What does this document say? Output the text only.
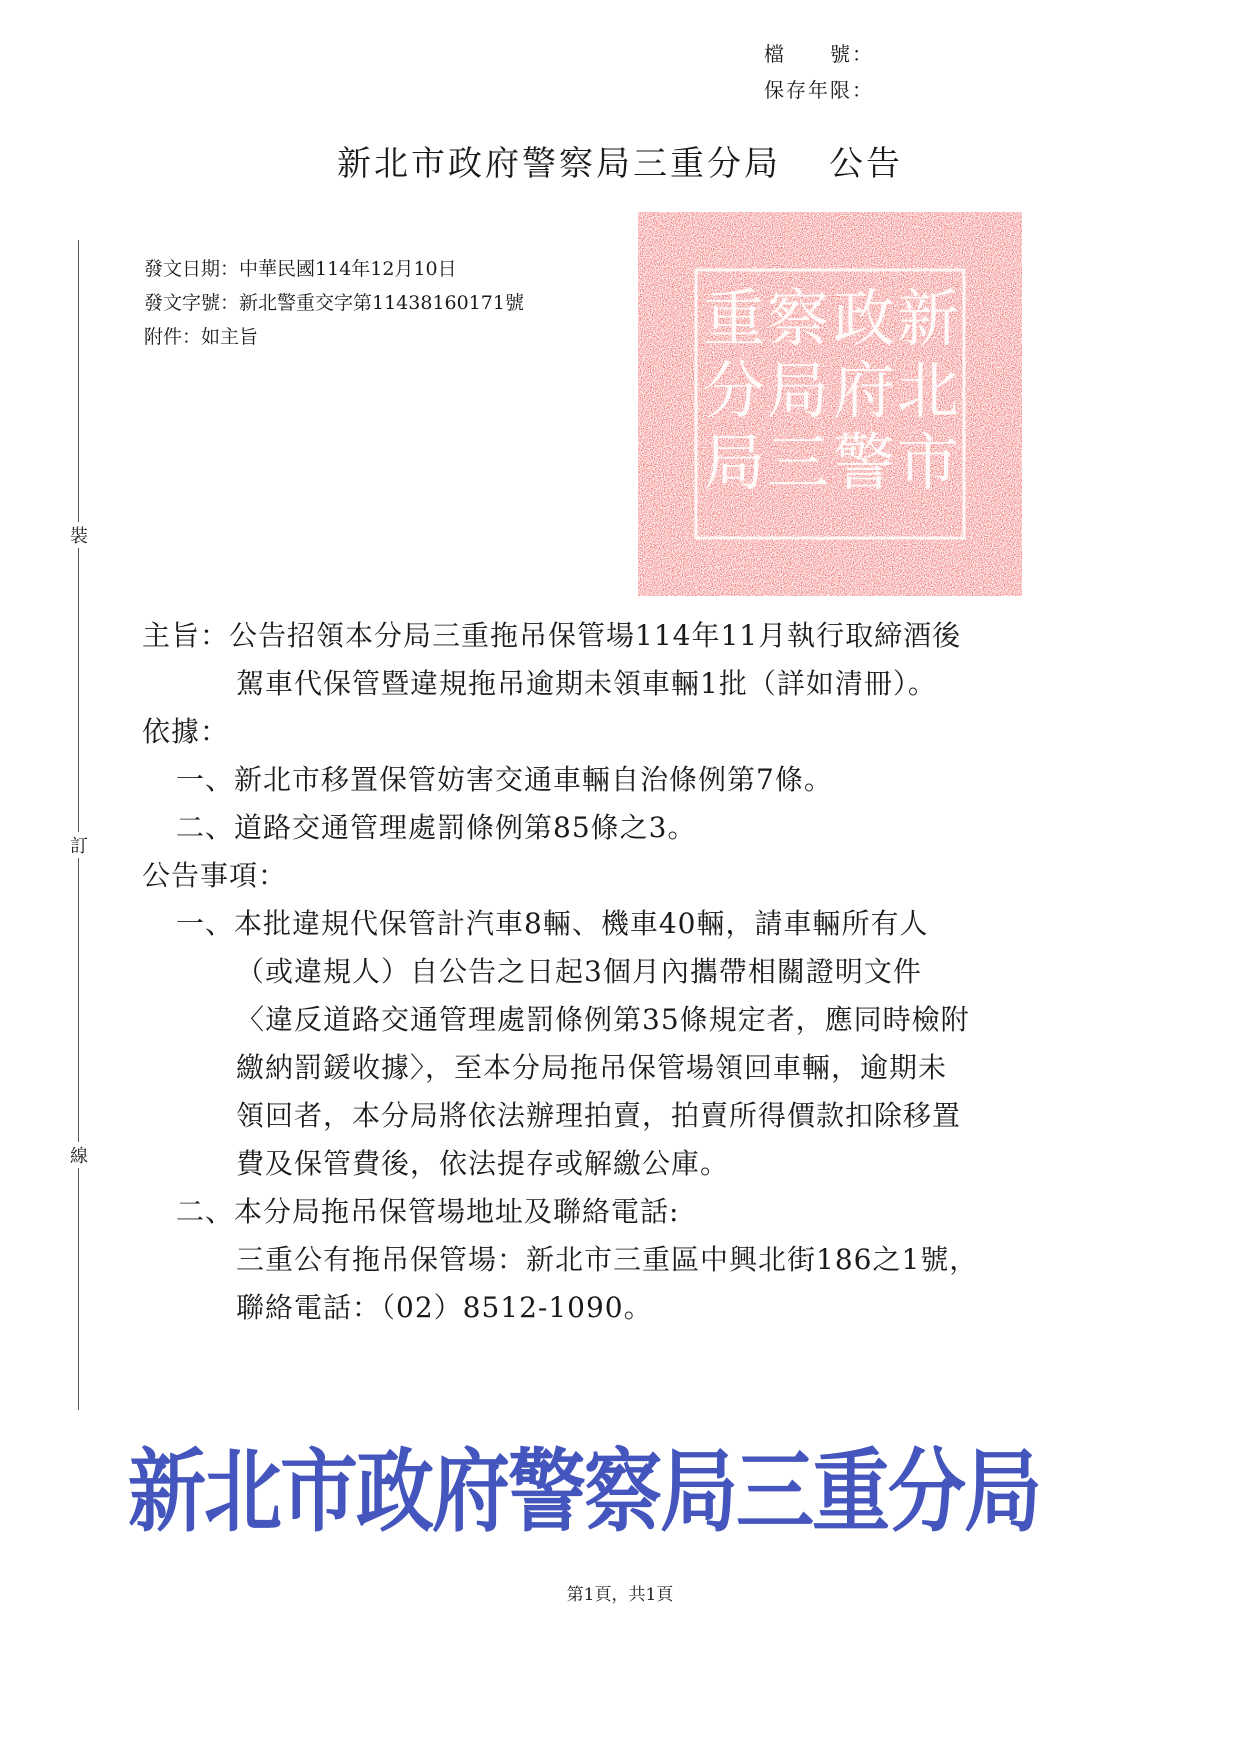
檔　　號：
保存年限：
新北市政府警察局三重分局 公告
裝
訂
線
發文日期：中華民國114年12月10日
發文字號：新北警重交字第11438160171號
附件：如主旨	新
北
市
政
府
警
察
局
三
重
分
局
主旨：公告招領本分局三重拖吊保管場114年11月執行取締酒後
駕車代保管暨違規拖吊逾期未領車輛1批（詳如清冊）。
依據：
一、新北市移置保管妨害交通車輛自治條例第7條。
二、道路交通管理處罰條例第85條之3。
公告事項：
一、本批違規代保管計汽車8輛、機車40輛，請車輛所有人
（或違規人）自公告之日起3個月內攜帶相關證明文件
〈違反道路交通管理處罰條例第35條規定者，應同時檢附
繳納罰鍰收據〉，至本分局拖吊保管場領回車輛，逾期未
領回者，本分局將依法辦理拍賣，拍賣所得價款扣除移置
費及保管費後，依法提存或解繳公庫。
二、本分局拖吊保管場地址及聯絡電話:
三重公有拖吊保管場：新北市三重區中興北街186之1號，
聯絡電話：（02）8512-1090。
新北市政府警察局三重分局
第1頁，共1頁
